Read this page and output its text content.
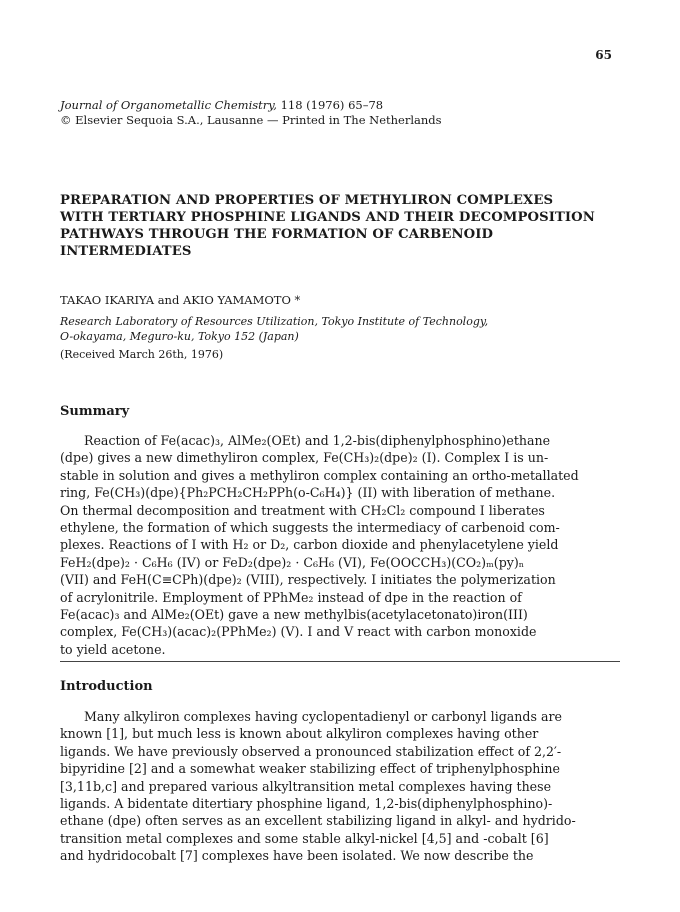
65
Journal of Organometallic Chemistry, 118 (1976) 65–78
© Elsevier Sequoia S.A., Lausanne — Printed in The Netherlands
PREPARATION AND PROPERTIES OF METHYLIRON COMPLEXES
WITH TERTIARY PHOSPHINE LIGANDS AND THEIR DECOMPOSITION
PATHWAYS THROUGH THE FORMATION OF CARBENOID
INTERMEDIATES
TAKAO IKARIYA and AKIO YAMAMOTO *
Research Laboratory of Resources Utilization, Tokyo Institute of Technology,
O-okayama, Meguro-ku, Tokyo 152 (Japan)
(Received March 26th, 1976)
Summary
Reaction of Fe(acac)₃, AlMe₂(OEt) and 1,2-bis(diphenylphosphino)ethane
(dpe) gives a new dimethyliron complex, Fe(CH₃)₂(dpe)₂ (I). Complex I is un-
stable in solution and gives a methyliron complex containing an ortho-metallated
ring, Fe(CH₃)(dpe){Ph₂PCH₂CH₂PPh(o-C₆H₄)} (II) with liberation of methane.
On thermal decomposition and treatment with CH₂Cl₂ compound I liberates
ethylene, the formation of which suggests the intermediacy of carbenoid com-
plexes. Reactions of I with H₂ or D₂, carbon dioxide and phenylacetylene yield
FeH₂(dpe)₂ · C₆H₆ (IV) or FeD₂(dpe)₂ · C₆H₆ (VI), Fe(OOCCH₃)(CO₂)ₘ(py)ₙ
(VII) and FeH(C≡CPh)(dpe)₂ (VIII), respectively. I initiates the polymerization
of acrylonitrile. Employment of PPhMe₂ instead of dpe in the reaction of
Fe(acac)₃ and AlMe₂(OEt) gave a new methylbis(acetylacetonato)iron(III)
complex, Fe(CH₃)(acac)₂(PPhMe₂) (V). I and V react with carbon monoxide
to yield acetone.
Introduction
Many alkyliron complexes having cyclopentadienyl or carbonyl ligands are
known [1], but much less is known about alkyliron complexes having other
ligands. We have previously observed a pronounced stabilization effect of 2,2′-
bipyridine [2] and a somewhat weaker stabilizing effect of triphenylphosphine
[3,11b,c] and prepared various alkyltransition metal complexes having these
ligands. A bidentate ditertiary phosphine ligand, 1,2-bis(diphenylphosphino)-
ethane (dpe) often serves as an excellent stabilizing ligand in alkyl- and hydrido-
transition metal complexes and some stable alkyl-nickel [4,5] and -cobalt [6]
and hydridocobalt [7] complexes have been isolated. We now describe the
